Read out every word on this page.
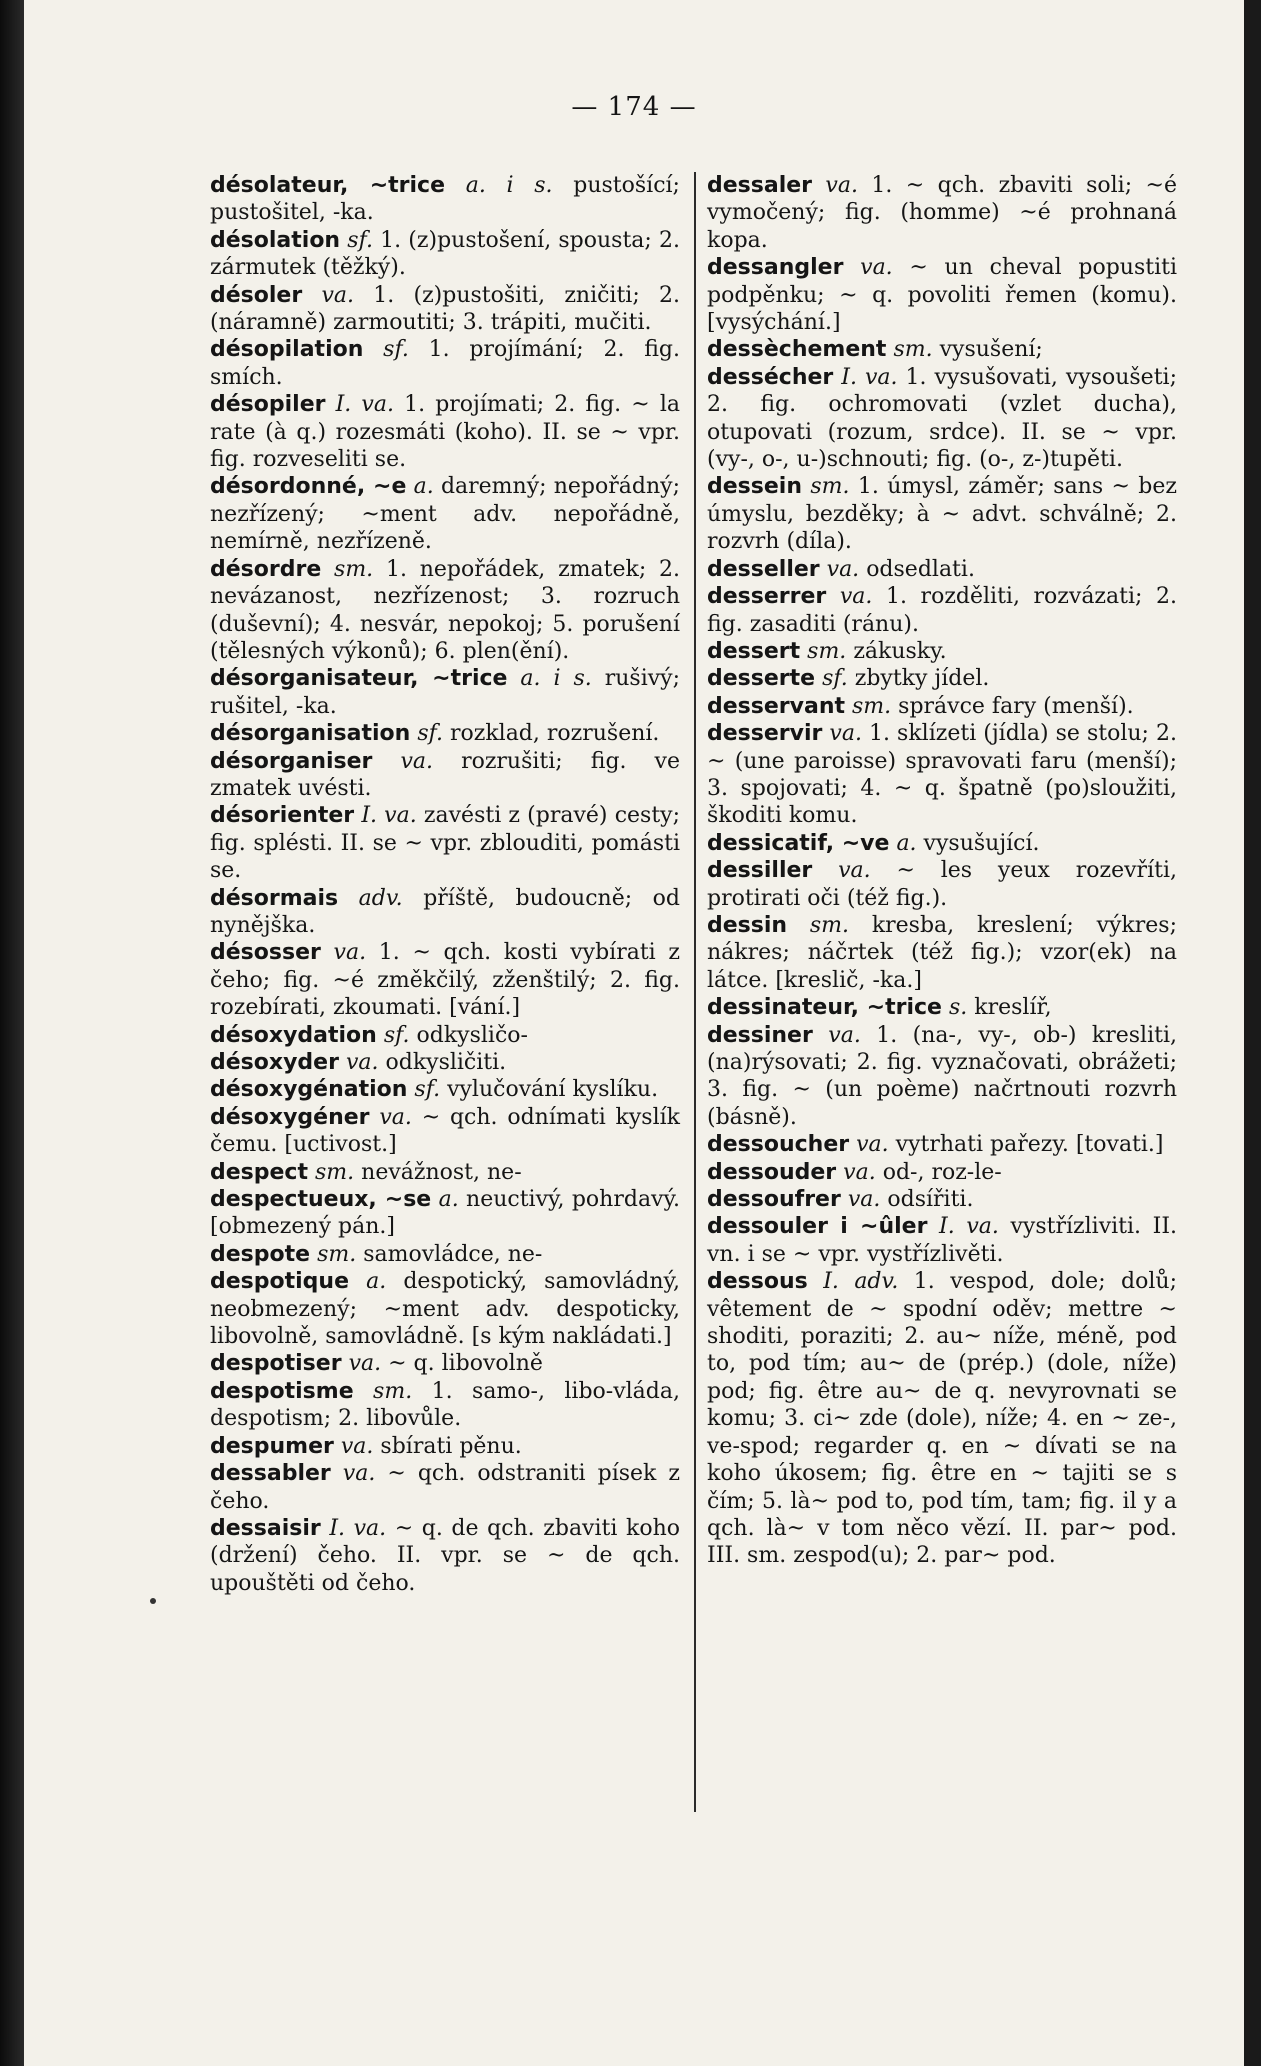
— 174 —

désolateur, ~trice a. i s. pustošící; pustošitel, -ka.

désolation sf. 1. (z)pustošení, spousta; 2. zármutek (těžký).

désoler va. 1. (z)pustošiti, zničiti; 2. (náramně) zarmoutiti; 3. trápiti, mučiti.

désopilation sf. 1. projímání; 2. fig. smích.

désopiler I. va. 1. projímati; 2. fig. ~ la rate (à q.) rozesmáti (koho). II. se ~ vpr. fig. rozveseliti se.

désordonné, ~e a. daremný; nepořádný; nezřízený; ~ment adv. nepořádně, nemírně, nezřízeně.

désordre sm. 1. nepořádek, zmatek; 2. nevázanost, nezřízenost; 3. rozruch (duševní); 4. nesvár, nepokoj; 5. porušení (tělesných výkonů); 6. plen(ění).

désorganisateur, ~trice a. i s. rušivý; rušitel, -ka.

désorganisation sf. rozklad, rozrušení.

désorganiser va. rozrušiti; fig. ve zmatek uvésti.

désorienter I. va. zavésti z (pravé) cesty; fig. splésti. II. se ~ vpr. zblouditi, pomásti se.

désormais adv. příště, budoucně; od nynějška.

désosser va. 1. ~ qch. kosti vybírati z čeho; fig. ~é změkčilý, zženštilý; 2. fig. rozebírati, zkoumati. [vání.]

désoxydation sf. odkysličo-

désoxyder va. odkysličiti.

désoxygénation sf. vylučování kyslíku.

désoxygéner va. ~ qch. odnímati kyslík čemu. [uctivost.]

despect sm. nevážnost, ne-

despectueux, ~se a. neuctivý, pohrdavý. [obmezený pán.]

despote sm. samovládce, ne-

despotique a. despotický, samovládný, neobmezený; ~ment adv. despoticky, libovolně, samovládně. [s kým nakládati.]

despotiser va. ~ q. libovolně

despotisme sm. 1. samo-, libo-vláda, despotism; 2. libovůle.

despumer va. sbírati pěnu.

dessabler va. ~ qch. odstraniti písek z čeho.

dessaisir I. va. ~ q. de qch. zbaviti koho (držení) čeho. II. vpr. se ~ de qch. upouštěti od čeho.

dessaler va. 1. ~ qch. zbaviti soli; ~é vymočený; fig. (homme) ~é prohnaná kopa.

dessangler va. ~ un cheval popustiti podpěnku; ~ q. povoliti řemen (komu). [vysýchání.]

dessèchement sm. vysušení;

dessécher I. va. 1. vysušovati, vysoušeti; 2. fig. ochromovati (vzlet ducha), otupovati (rozum, srdce). II. se ~ vpr. (vy-, o-, u-)schnouti; fig. (o-, z-)tupěti.

dessein sm. 1. úmysl, záměr; sans ~ bez úmyslu, bezděky; à ~ advt. schválně; 2. rozvrh (díla).

desseller va. odsedlati.

desserrer va. 1. rozděliti, rozvázati; 2. fig. zasaditi (ránu).

dessert sm. zákusky.

desserte sf. zbytky jídel.

desservant sm. správce fary (menší).

desservir va. 1. sklízeti (jídla) se stolu; 2. ~ (une paroisse) spravovati faru (menší); 3. spojovati; 4. ~ q. špatně (po)sloužiti, škoditi komu.

dessicatif, ~ve a. vysušující.

dessiller va. ~ les yeux rozevříti, protirati oči (též fig.).

dessin sm. kresba, kreslení; výkres; nákres; náčrtek (též fig.); vzor(ek) na látce. [kreslič, -ka.]

dessinateur, ~trice s. kreslíř,

dessiner va. 1. (na-, vy-, ob-) kresliti, (na)rýsovati; 2. fig. vyznačovati, obrážeti; 3. fig. ~ (un poème) načrtnouti rozvrh (básně).

dessoucher va. vytrhati pařezy. [tovati.]

dessouder va. od-, roz-le-

dessoufrer va. odsířiti.

dessouler i ~ûler I. va. vystřízliviti. II. vn. i se ~ vpr. vystřízlivěti.

dessous I. adv. 1. vespod, dole; dolů; vêtement de ~ spodní oděv; mettre ~ shoditi, poraziti; 2. au~ níže, méně, pod to, pod tím; au~ de (prép.) (dole, níže) pod; fig. être au~ de q. nevyrovnati se komu; 3. ci~ zde (dole), níže; 4. en ~ ze-, ve-spod; regarder q. en ~ dívati se na koho úkosem; fig. être en ~ tajiti se s čím; 5. là~ pod to, pod tím, tam; fig. il y a qch. là~ v tom něco vězí. II. par~ pod. III. sm. zespod(u); 2. par~ pod.
